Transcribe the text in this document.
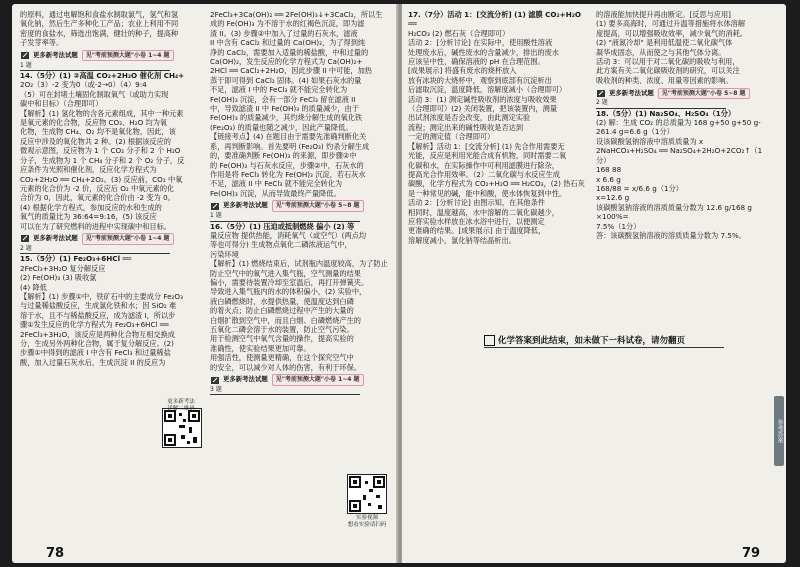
的原料，通过电解饱和食盐水制取氯气，氢气和氢

氧化钠，然后生产多种化工产品；农业上利用不同

密度的食盐水，筛选出饱满，健壮的种子，提高种

子发芽率等。

更多新考法试题	见"考前预测大题"小卷 1~4 题

1 题

14.（5分）(1) ②高温 CO₂+2H₂O 催化剂 CH₄+

2O₂（3）-2 变为0（或-2→0）（4）9:4

（5）可在封堵土壤固化制取氧气（或助力实现

碳中和目标）（合理即可）

【解析】(1) 氢化物的含各元素组成，其中一种元素

是氧元素的化合物，反应物 CO₂、H₂O 均为氧

化物，生成物 CH₄、O₂ 均不是氧化物，因此，该

反应中涉及的氧化物共 2 种。(2) 根据该反应的

微观示意图，反应物为 1 个 CO₂ 分子和 2 个 H₂O

分子，生成物为 1 个 CH₄ 分子和 2 个 O₂ 分子，反

应条件为光照和催化剂，反应化学方程式为

CO₂+2H₂O ══ CH₄+2O₂。(3) 反应前，CO₂ 中氧

元素的化合价为 -2 价，反应后 O₂ 中氧元素的化

合价为 0，因此，氧元素的化合价由 -2 变为 0。

(4) 根据化学方程式，参加反应的水和生成的

氧气的质量比为 36:64=9:16，(5) 该反应

可以在为了研究燃料的进程中实现碳中和目标。

更多新考法试题	见"考前预测大题"小卷 1~4 题

2 题

15.（5分）(1) Fe₂O₃+6HCl ══

2FeCl₃+3H₂O 复分解反应

(2) Fe(OH)₃ (3) 吸收氯

(4) 降低

【解析】(1) 步骤①中，铁矿石中的主要成分 Fe₂O₃

与过量稀盐酸反应，生成氯化铁和水；因 SiO₂ 难

溶于水，且不与稀盐酸反应，成为滤渣 I，所以步

骤①发生反应的化学方程式为 Fe₂O₃+6HCl ══

2FeCl₃+3H₂O，该反应是两种化合物互相交换成

分，生成另外两种化合物，属于复分解反应。(2)

步骤①中得到的滤液 I 中含有 FeCl₃ 和过量稀盐

酸，加入过量石灰水后，生成沉淀 II 的反应为

更多新考法
详解二维码

2FeCl₃+3Ca(OH)₂ ══ 2Fe(OH)₃↓+3CaCl₂，所以生

成的 Fe(OH)₃ 为不溶于水的红褐色沉淀，即为滤

渣 II。(3) 步骤②中加入了过量的石灰水，滤液

II 中含有 CaCl₂ 和过量的 Ca(OH)₂，为了得到纯

净的 CaCl₂，需要加入适量的稀盐酸，中和过量的

Ca(OH)₂，发生反应的化学方程式为 Ca(OH)₂+

2HCl ══ CaCl₂+2H₂O，因此步骤 II 中可能，加热

蒸干即可得到 CaCl₂ 固体。(4) 如果石灰水的量

不足，滤液 I 中的 FeCl₃ 就不能完全转化为

Fe(OH)₃ 沉淀，会有一部分 FeCl₃ 留在滤液 II

中，导致滤渣 II 中 Fe(OH)₃ 的质量减少，由于

Fe(OH)₃ 的质量减少，其灼烧分解生成的氧化铁

(Fe₂O₃) 的质量也随之减少，因此产量降低。

【链接考点】(4) 在题目由于需要先准确判断化关

系，再判断影响。首先要明 (Fe₂O₃) 灼杀分解生成

的，要准确判断 Fe(OH)₃ 的来源，即步骤②中

的 Fe(OH)₃ 与石灰水反应，步骤②中，石灰水的

作用是将 FeCl₃ 转化为 Fe(OH)₃ 沉淀，若石灰水

不足，滤液 II 中 FeCl₃ 就不能完全转化为

Fe(OH)₃ 沉淀，从而导致最终产量降低。

更多新考法试题	见"考前预测大题"小卷 5~8 题

1 题

16.（5分）(1) 压迫或抵制燃烧 偏小 (2) 等

量反应物 提供热能，消耗氧气（或空气）(两点均

等也可得分) 生成物点氧化二磷浓液运气中，

污染环境

【解析】(1) 燃烧结束后，试剂瓶内温度较高，为了防止

防止空气中的氧气进入集气瓶，空气测量的结果

偏小，需要待装置冷却至室温后，再打开弹簧夹。

导致进入集气瓶内的水的体积偏小，(2) 实验中，

液白磷燃烧时，水提供热量，使温度达到白磷

的着火点；防止白磷燃烧过程中产生的大量的

白烟扩散到空气中，而且白烟、白磷燃烧产生的

五氧化二磷会溶于水的装置，防止空气污染。

用于检测空气中氧气含量的操作，提高实验的

准确性，使实验结果更加可靠。

用强活性，使测量更精确，在这个探究空气中

的安全，可以减少对人体的伤害，有利于环保。

更多新考法试题	见"考前预测大题"小卷 1~4 题

3 题

实验视频
想看实验请扫码
78

17.（7分）活动 1：[交流分析] (1) 滤膜 CO₂+H₂O ══

H₂CO₃ (2) 燃石灰（合理即可）

活动 2：[分析讨论] 在实际中，使用酸性溶液

处理废水后，碱性废水的含量减少，排出的废水

应该呈中性，确保溶液的 pH 在合理范围。

[成果展示] 将盛有废水的烧杯放入

放有冰块的大烧杯中，观察到底部有沉淀析出

后滤取沉淀，温度降低，溶解度减小（合理即可）

活动 3：(1) 测定碱性吸收剂的浓度与吸收效果

（合理即可）(2) 关闭装置，把该装置内，测量

出试剂浓度是否会改变，由此测定实验

流程；测定出来的碱性吸收是否达到

一定的测定值（合理即可）

【解析】活动 1：[交流分析] (1) 先合作用需要无

光能，反应是利用光能合成有机物，同时需要二氧

化碳和水，在实际操作中可利用滤膜进行除杂，

提高光合作用效率。（2）二氧化碳与水反应生成

碳酸，化学方程式为 CO₂+H₂O ══ H₂CO₃，(2) 热石灰

是一种常见的碱，能中和酸，使水体恢复到中性。

活动 2：[分析讨论] 由图示知，在其他条件

相同时，温度越高，水中溶解的二氧化碳越少，

应将实验水样放在冰水浴中进行，以便测定

更准确的结果。[成果展示] 由于温度降低，

溶解度减小，氯化钠等结晶析出。

的溶液能加快提升再由断定。[反思与应用]

(1) 要多高海时，可通过升温等措施将水体溶解

度提高，可以增强吸收效率，减少氧气的消耗。

(2) "液氮冷却" 是利用低温使二氧化碳气体

凝华成固态，从而使之与其他气体分离。

活动 3：可以用于对二氧化碳的吸收与利用，

此方案有关二氧化碳吸收剂的研究，可以关注

吸收剂的种类、浓度、用量等因素的影响。

更多新考法试题	见"考前预测大题"小卷 5~8 题

2 题

18.（5分）(1) Na₂SO₄、H₂SO₄（1分）

(2) 解：生成 CO₂ 的总质量为 168 g+50 g+50 g-

261.4 g=6.6 g（1分）

设该碳酸氢钠溶液中溶质质量为 x

2NaHCO₃+H₂SO₄ ══ Na₂SO₄+2H₂O+2CO₂↑（1分）

168 88

x 6.6 g

168/88 = x/6.6 g（1分）

x=12.6 g

该碳酸氢钠溶液的溶质质量分数为 12.6 g/168 g ×100%=

7.5%（1分）

答：该碳酸氢钠溶液的溶质质量分数为 7.5%。

化学答案到此结束，如未做下一科试卷，请勿翻页
参考答案
79
